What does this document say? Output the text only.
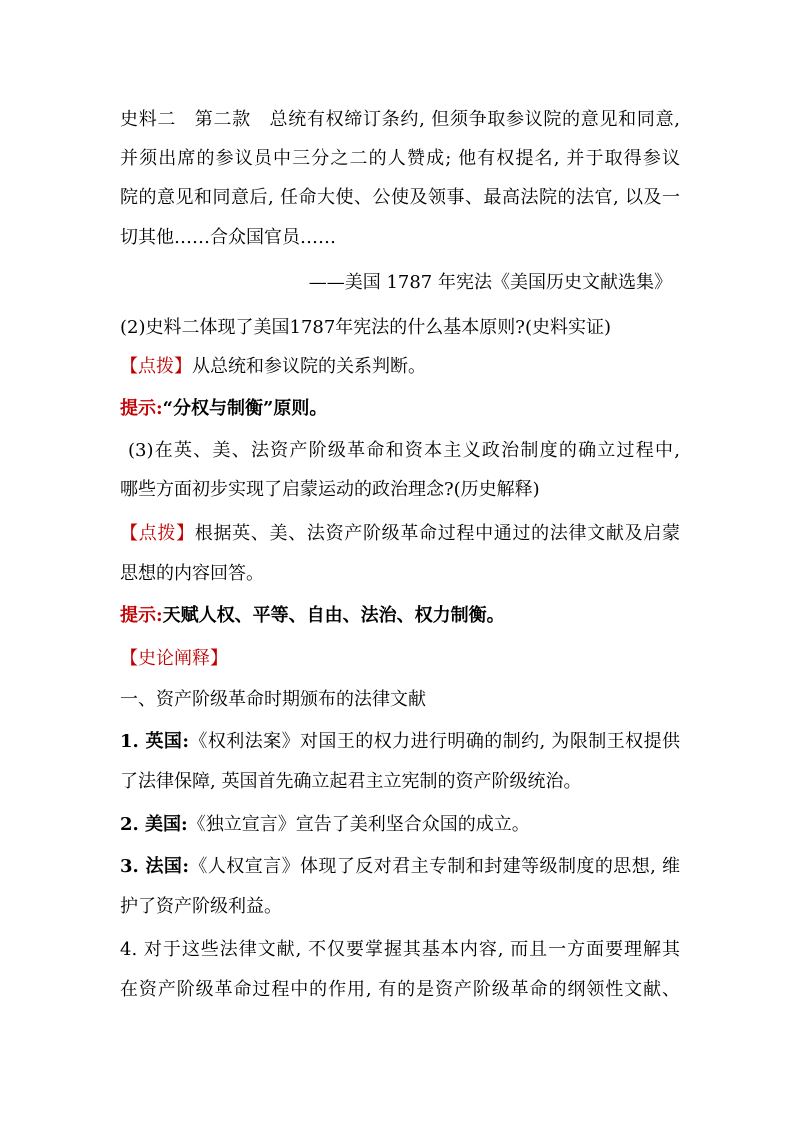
史料二　第二款　总统有权缔订条约, 但须争取参议院的意见和同意,
并须出席的参议员中三分之二的人赞成; 他有权提名, 并于取得参议
院的意见和同意后, 任命大使、公使及领事、最高法院的法官, 以及一
切其他……合众国官员……
——美国 1787 年宪法《美国历史文献选集》
(2)史料二体现了美国1787年宪法的什么基本原则?(史料实证)
【点拨】从总统和参议院的关系判断。
提示:“分权与制衡”原则。
(3)在英、美、法资产阶级革命和资本主义政治制度的确立过程中,
哪些方面初步实现了启蒙运动的政治理念?(历史解释)
【点拨】根据英、美、法资产阶级革命过程中通过的法律文献及启蒙
思想的内容回答。
提示:天赋人权、平等、自由、法治、权力制衡。
【史论阐释】
一、资产阶级革命时期颁布的法律文献
1. 英国:《权利法案》对国王的权力进行明确的制约, 为限制王权提供
了法律保障, 英国首先确立起君主立宪制的资产阶级统治。
2. 美国:《独立宣言》宣告了美利坚合众国的成立。
3. 法国:《人权宣言》体现了反对君主专制和封建等级制度的思想, 维
护了资产阶级利益。
4. 对于这些法律文献, 不仅要掌握其基本内容, 而且一方面要理解其
在资产阶级革命过程中的作用, 有的是资产阶级革命的纲领性文献、
